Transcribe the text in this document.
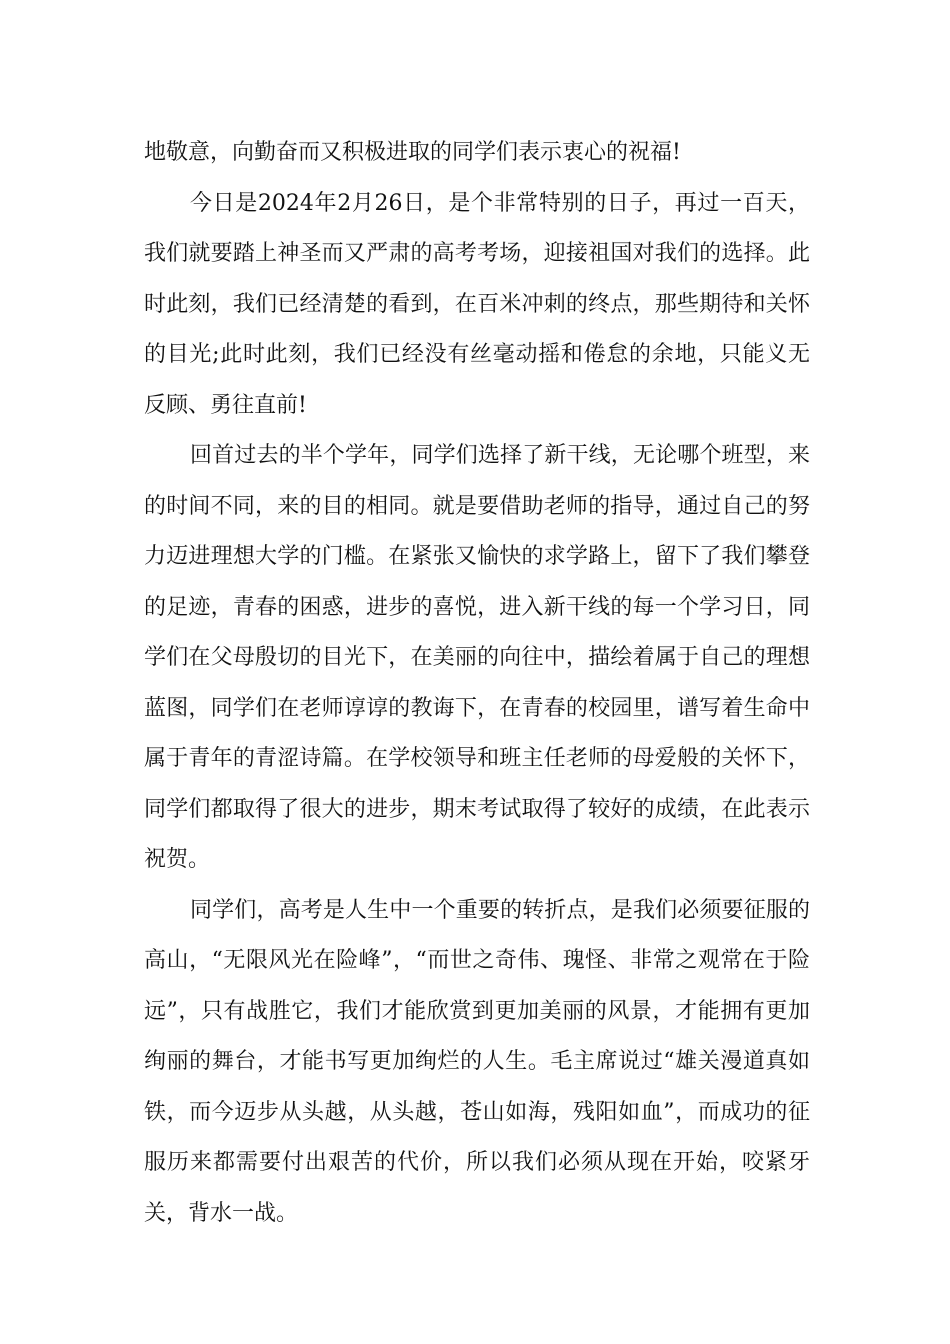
地敬意，向勤奋而又积极进取的同学们表示衷心的祝福!

今日是2024年2月26日，是个非常特别的日子，再过一百天，我们就要踏上神圣而又严肃的高考考场，迎接祖国对我们的选择。此时此刻，我们已经清楚的看到，在百米冲刺的终点，那些期待和关怀的目光;此时此刻，我们已经没有丝毫动摇和倦怠的余地，只能义无反顾、勇往直前!

回首过去的半个学年，同学们选择了新干线，无论哪个班型，来的时间不同，来的目的相同。就是要借助老师的指导，通过自己的努力迈进理想大学的门槛。在紧张又愉快的求学路上，留下了我们攀登的足迹，青春的困惑，进步的喜悦，进入新干线的每一个学习日，同学们在父母殷切的目光下，在美丽的向往中，描绘着属于自己的理想蓝图，同学们在老师谆谆的教诲下，在青春的校园里，谱写着生命中属于青年的青涩诗篇。在学校领导和班主任老师的母爱般的关怀下，同学们都取得了很大的进步，期末考试取得了较好的成绩，在此表示祝贺。

同学们，高考是人生中一个重要的转折点，是我们必须要征服的高山，“无限风光在险峰”，“而世之奇伟、瑰怪、非常之观常在于险远”，只有战胜它，我们才能欣赏到更加美丽的风景，才能拥有更加绚丽的舞台，才能书写更加绚烂的人生。毛主席说过“雄关漫道真如铁，而今迈步从头越，从头越，苍山如海，残阳如血”，而成功的征服历来都需要付出艰苦的代价，所以我们必须从现在开始，咬紧牙关，背水一战。
